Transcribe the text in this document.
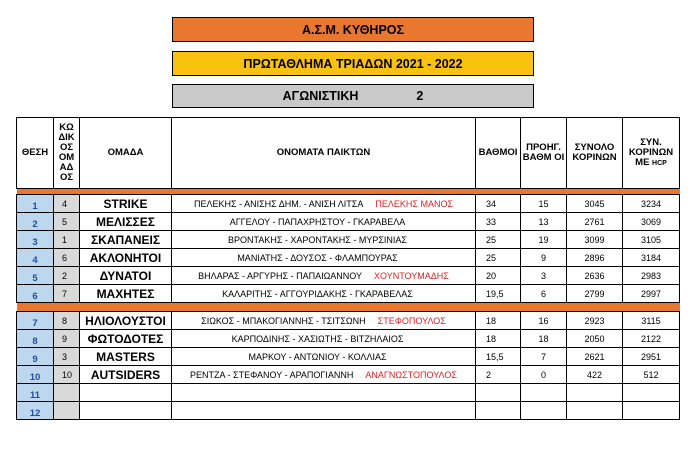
Α.Σ.Μ. ΚΥΘΗΡΟΣ
ΠΡΩΤΑΘΛΗΜΑ ΤΡΙΑΔΩΝ 2021 - 2022
ΑΓΩΝΙΣΤΙΚΗ	2
ΘΕΣΗ	ΚΩ ΔΙΚ ΟΣ ΟΜ ΑΔ ΟΣ	ΟΜΑΔΑ	ΟΝΟΜΑΤΑ ΠΑΙΚΤΩΝ	ΒΑΘΜΟΙ	ΠΡΟΗΓ. ΒΑΘΜ ΟΙ	ΣΥΝΟΛΟ ΚΟΡΙΝΩΝ	ΣΥΝ. ΚΟΡΙΝΩΝ ΜΕ HCP

1	4	STRIKE	ΠΕΛΕΚΗΣ - ΑΝΙΣΗΣ ΔΗΜ. - ΑΝΙΣΗ ΛΙΤΣΑ ΠΕΛΕΚΗΣ ΜΑΝΟΣ	34	15	3045	3234
2	5	ΜΕΛΙΣΣΕΣ	ΑΓΓΕΛΟΥ - ΠΑΠΑΧΡΗΣΤΟΥ - ΓΚΑΡΑΒΕΛΑ	33	13	2761	3069
3	1	ΣΚΑΠΑΝΕΙΣ	ΒΡΟΝΤΑΚΗΣ - ΧΑΡΟΝΤΑΚΗΣ - ΜΥΡΣΙΝΙΑΣ	25	19	3099	3105
4	6	ΑΚΛΟΝΗΤΟΙ	ΜΑΝΙΑΤΗΣ - ΔΟΥΣΟΣ - ΦΛΑΜΠΟΥΡΑΣ	25	9	2896	3184
5	2	ΔΥΝΑΤΟΙ	ΒΗΛΑΡΑΣ - ΑΡΓΥΡΗΣ - ΠΑΠΑΙΩΑΝΝΟΥ ΧΟΥΝΤΟΥΜΑΔΗΣ	20	3	2636	2983
6	7	ΜΑΧΗΤΕΣ	ΚΑΛΑΡΙΤΗΣ - ΑΓΓΟΥΡΙΔΑΚΗΣ - ΓΚΑΡΑΒΕΛΑΣ	19,5	6	2799	2997

7	8	ΗΛΙΟΛΟΥΣΤΟΙ	ΣΙΩΚΟΣ - ΜΠΑΚΟΓΙΑΝΝΗΣ - ΤΣΙΤΣΩΝΗ ΣΤΕΦΟΠΟΥΛΟΣ	18	16	2923	3115
8	9	ΦΩΤΟΔΟΤΕΣ	ΚΑΡΠΟΔΙΝΗΣ - ΧΑΣΙΩΤΗΣ - ΒΙΤΖΗΛΑΙΟΣ	18	18	2050	2122
9	3	MASTERS	ΜΑΡΚΟΥ - ΑΝΤΩΝΙΟΥ - ΚΟΛΛΙΑΣ	15,5	7	2621	2951
10	10	AUTSIDERS	ΡΕΝΤΖΑ - ΣΤΕΦΑΝΟΥ - ΑΡΑΠΟΓΙΑΝΝΗ ΑΝΑΓΝΩΣΤΟΠΟΥΛΟΣ	2	0	422	512
11							
12							
